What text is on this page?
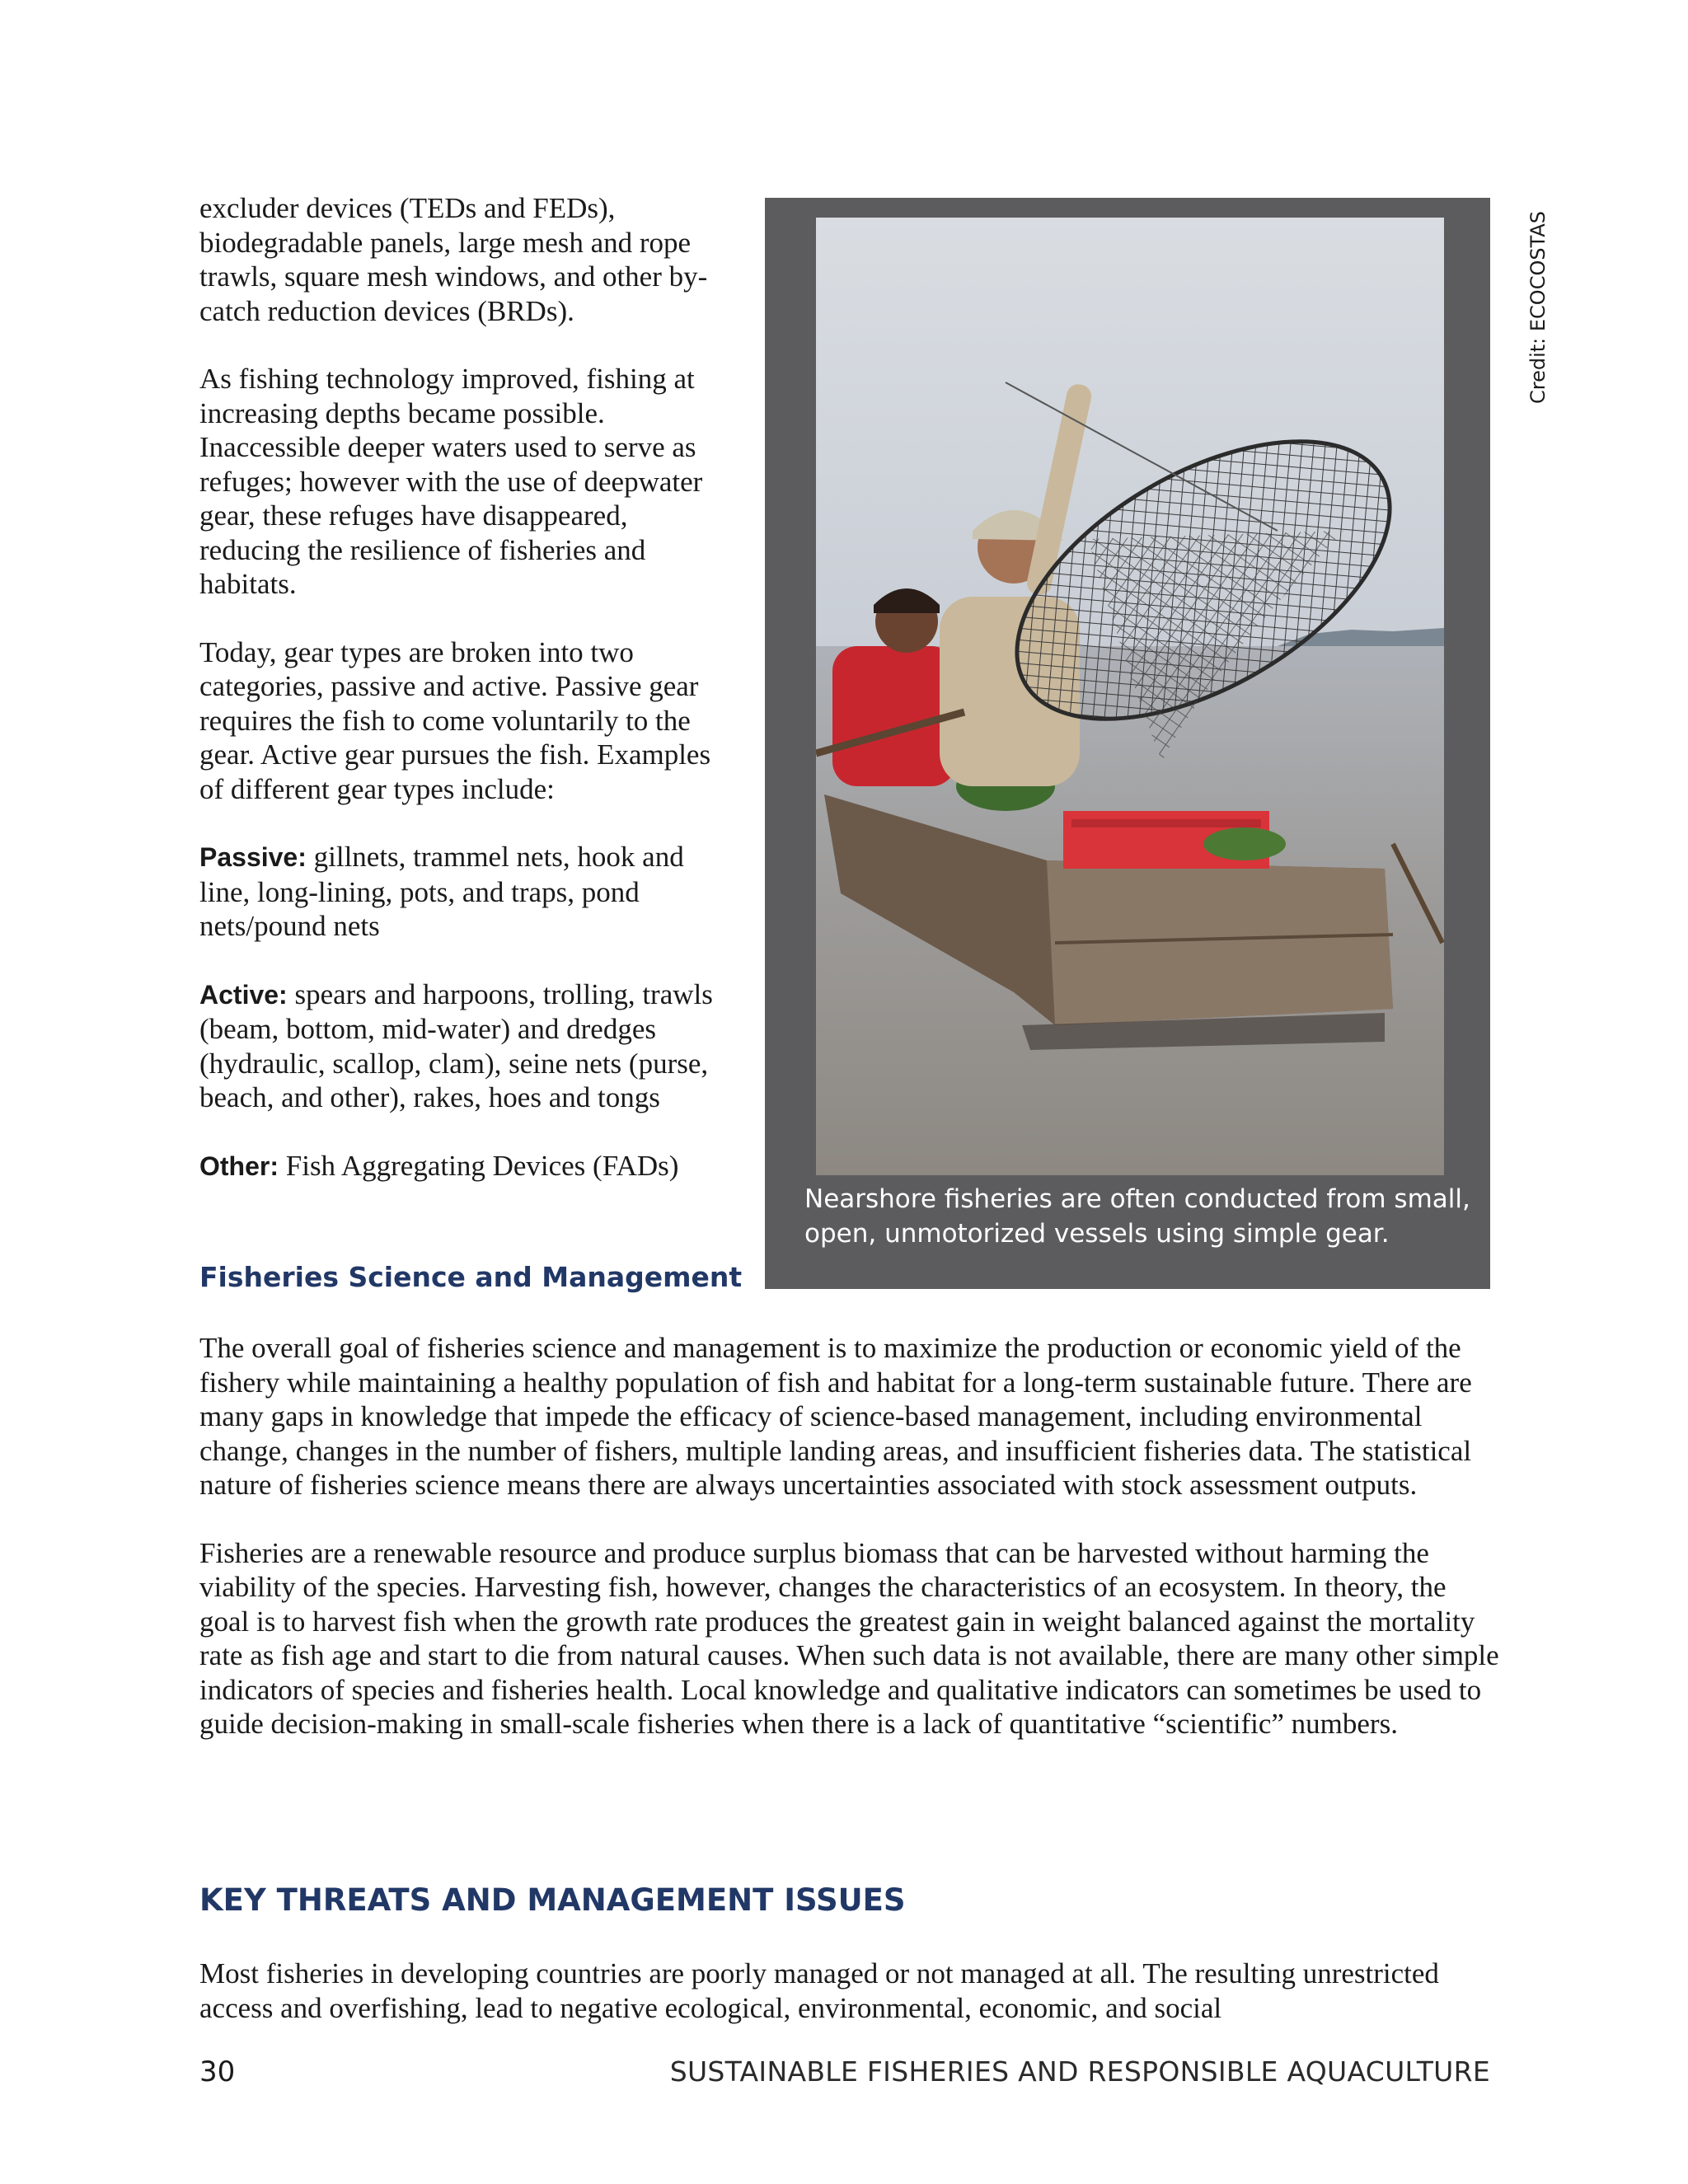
excluder devices (TEDs and FEDs), biodegradable panels, large mesh and rope trawls, square mesh windows, and other by-catch reduction devices (BRDs).

As fishing technology improved, fishing at increasing depths became possible. Inaccessible deeper waters used to serve as refuges; however with the use of deepwater gear, these refuges have disappeared, reducing the resilience of fisheries and habitats.

Today, gear types are broken into two categories, passive and active. Passive gear requires the fish to come voluntarily to the gear. Active gear pursues the fish. Examples of different gear types include:

Passive: gillnets, trammel nets, hook and line, long-lining, pots, and traps, pond nets/pound nets

Active: spears and harpoons, trolling, trawls (beam, bottom, mid-water) and dredges (hydraulic, scallop, clam), seine nets (purse, beach, and other), rakes, hoes and tongs

Other: Fish Aggregating Devices (FADs)

Nearshore fisheries are often conducted from small, open, unmotorized vessels using simple gear.
Credit: ECOCOSTAS
Fisheries Science and Management

The overall goal of fisheries science and management is to maximize the production or economic yield of the fishery while maintaining a healthy population of fish and habitat for a long-term sustainable future. There are many gaps in knowledge that impede the efficacy of science-based management, including environmental change, changes in the number of fishers, multiple landing areas, and insufficient fisheries data. The statistical nature of fisheries science means there are always uncertainties associated with stock assessment outputs.

Fisheries are a renewable resource and produce surplus biomass that can be harvested without harming the viability of the species. Harvesting fish, however, changes the characteristics of an ecosystem. In theory, the goal is to harvest fish when the growth rate produces the greatest gain in weight balanced against the mortality rate as fish age and start to die from natural causes. When such data is not available, there are many other simple indicators of species and fisheries health. Local knowledge and qualitative indicators can sometimes be used to guide decision-making in small-scale fisheries when there is a lack of quantitative “scientific” numbers.

KEY THREATS AND MANAGEMENT ISSUES

Most fisheries in developing countries are poorly managed or not managed at all. The resulting unrestricted access and overfishing, lead to negative ecological, environmental, economic, and social

30	SUSTAINABLE FISHERIES AND RESPONSIBLE AQUACULTURE
